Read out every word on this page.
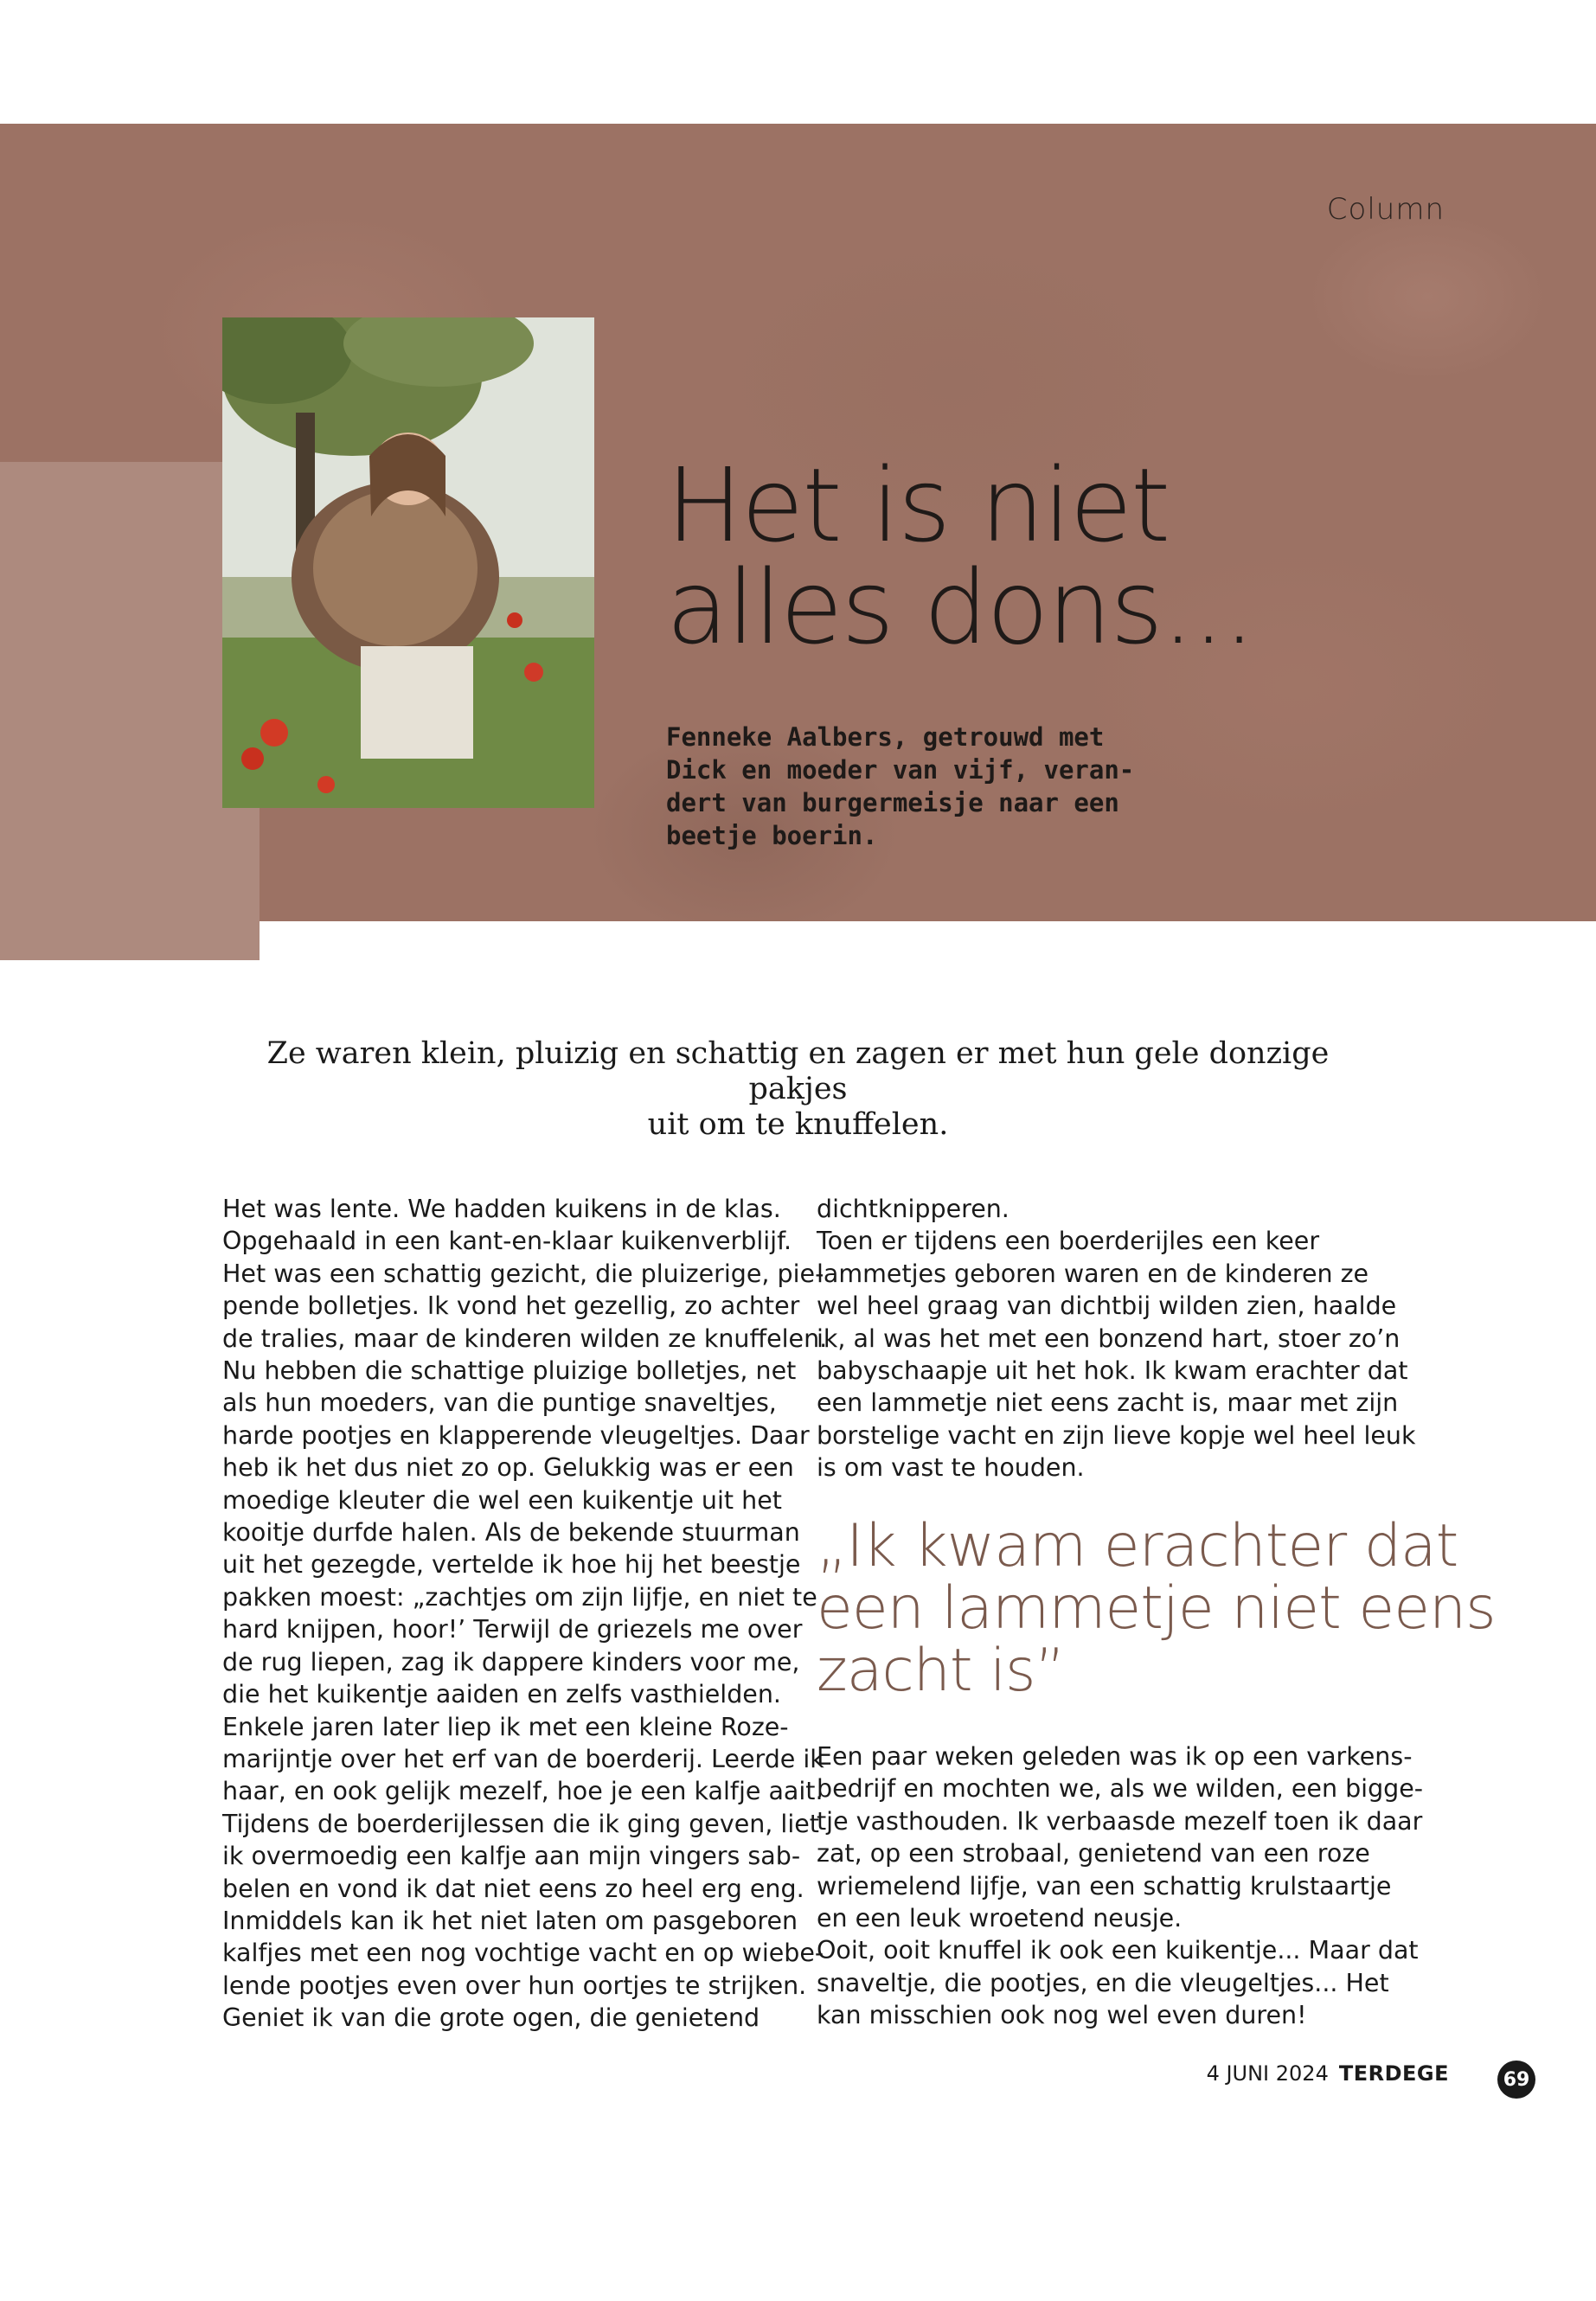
Column
Het is niet
alles dons...
Fenneke Aalbers, getrouwd met
Dick en moeder van vijf, veran-
dert van burgermeisje naar een
beetje boerin.
Ze waren klein, pluizig en schattig en zagen er met hun gele donzige pakjes
uit om te knuffelen.
Het was lente. We hadden kuikens in de klas.
Opgehaald in een kant-en-klaar kuikenverblijf.
Het was een schattig gezicht, die pluizerige, pie-
pende bolletjes. Ik vond het gezellig, zo achter
de tralies, maar de kinderen wilden ze knuffelen.
Nu hebben die schattige pluizige bolletjes, net
als hun moeders, van die puntige snaveltjes,
harde pootjes en klapperende vleugeltjes. Daar
heb ik het dus niet zo op. Gelukkig was er een
moedige kleuter die wel een kuikentje uit het
kooitje durfde halen. Als de bekende stuurman
uit het gezegde, vertelde ik hoe hij het beestje
pakken moest: „zachtjes om zijn lijfje, en niet te
hard knijpen, hoor!’ Terwijl de griezels me over
de rug liepen, zag ik dappere kinders voor me,
die het kuikentje aaiden en zelfs vasthielden.
Enkele jaren later liep ik met een kleine Roze-
marijntje over het erf van de boerderij. Leerde ik
haar, en ook gelijk mezelf, hoe je een kalfje aait.
Tijdens de boerderijlessen die ik ging geven, liet
ik overmoedig een kalfje aan mijn vingers sab-
belen en vond ik dat niet eens zo heel erg eng.
Inmiddels kan ik het niet laten om pasgeboren
kalfjes met een nog vochtige vacht en op wiebe-
lende pootjes even over hun oortjes te strijken.
Geniet ik van die grote ogen, die genietend
dichtknipperen.
Toen er tijdens een boerderijles een keer
lammetjes geboren waren en de kinderen ze
wel heel graag van dichtbij wilden zien, haalde
ik, al was het met een bonzend hart, stoer zo’n
babyschaapje uit het hok. Ik kwam erachter dat
een lammetje niet eens zacht is, maar met zijn
borstelige vacht en zijn lieve kopje wel heel leuk
is om vast te houden.
„Ik kwam erachter dat
een lammetje niet eens
zacht is”
Een paar weken geleden was ik op een varkens-
bedrijf en mochten we, als we wilden, een bigge-
tje vasthouden. Ik verbaasde mezelf toen ik daar
zat, op een strobaal, genietend van een roze
wriemelend lijfje, van een schattig krulstaartje
en een leuk wroetend neusje.
Ooit, ooit knuffel ik ook een kuikentje... Maar dat
snaveltje, die pootjes, en die vleugeltjes... Het
kan misschien ook nog wel even duren!
4 JUNI 2024 TERDEGE	69
